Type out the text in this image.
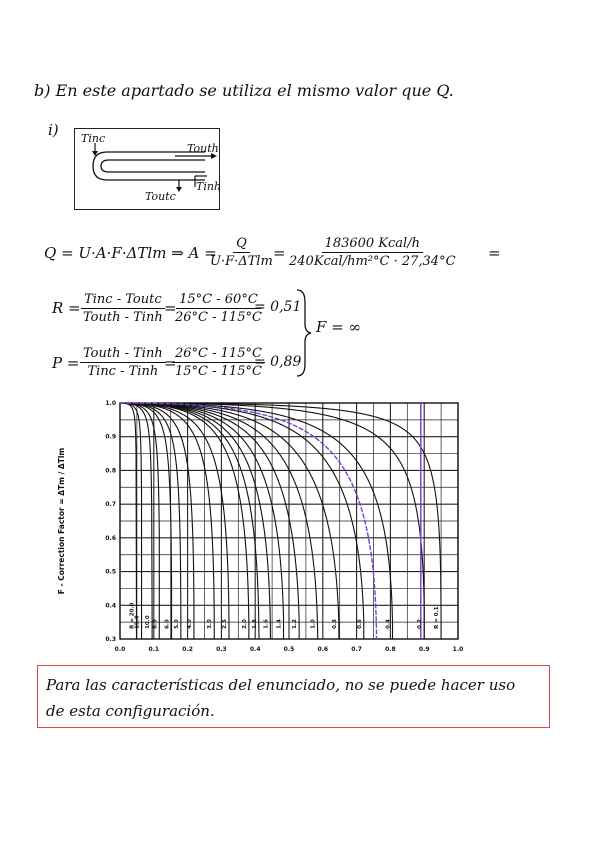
b) En este apartado se utiliza el mismo valor que Q.
i) Tinc
Touth
Tinh
Toutc
Q = U·A·F·ΔTlm ⇒ A =
Q
U·F·ΔTlm =
183600 Kcal/h
240Kcal/hm²°C · 27,34°C =
R = Tinc - Toutc
Touth - Tinh
=
$\frac{15^\circ C - 60^\circ C}{26^\circ C - 115^\circ C}$
= 0,51
P =
Touth - Tinh
Tinc - Tinh =
$\frac{26^\circ C - 115^\circ C}{15^\circ C - 115^\circ C}$
= 0,89
F = ∞
R = 20.0 15.0 10.0 8.0 6.0 5.0 4.0	3.0 2.5	2.0 1.8 1.6 1.4 1.2 1.0	0.8	0.6	0.4	0.2 R = 0.1
0.3
0.4
0.5
0.6
0.7
0.8
0.9
1.0
0.0	0.1	0.2	0.3	0.4	0.5	0.6	0.7	0.8	0.9	1.0
F - Correction Factor = ΔTm / ΔTlm
Para las características del enunciado, no se puede hacer uso
de esta configuración.
